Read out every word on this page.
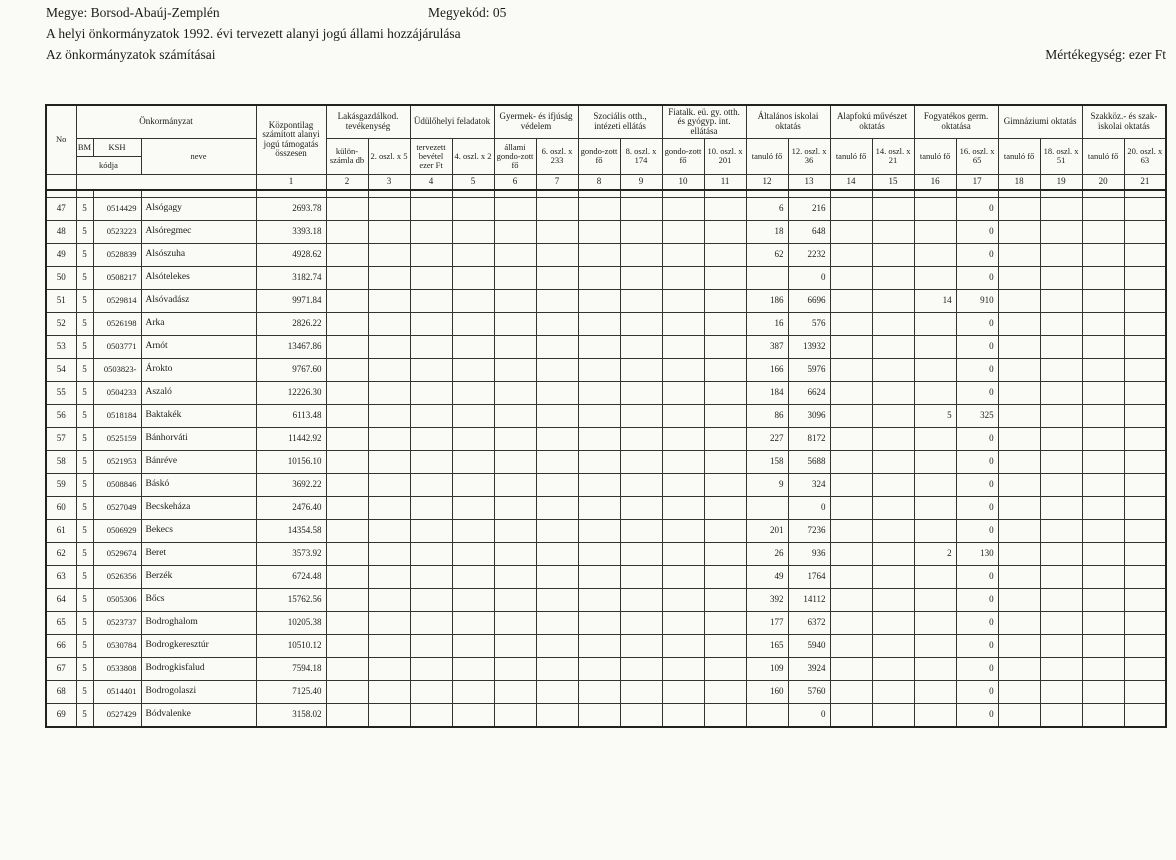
Megye: Borsod-Abaúj-Zemplén	Megyekód: 05
A helyi önkormányzatok 1992. évi tervezett alanyi jogú állami hozzájárulása
Az önkormányzatok számításai	Mértékegység: ezer Ft
No	Önkormányzat			Központilag számított alanyi jogú támogatás összesen	Lakásgazdálkod. tevékenység		Üdülőhelyi feladatok		Gyermek- és ifjúság védelem		Szociális otth., intézeti ellátás		Fiatalk. eü. gy. otth. és gyógyp. int. ellátása		Általános iskolai oktatás		Alapfokú művészet oktatás		Fogyatékos germ. oktatása		Gimnáziumi oktatás		Szakköz.- és szak-iskolai oktatás	
	BM	KSH	neve		külön-számla db	2. oszl. x 5	tervezett bevétel ezer Ft	4. oszl. x 2	állami gondo-zott fő	6. oszl. x 233	gondo-zott fő	8. oszl. x 174	gondo-zott fő	10. oszl. x 201	tanuló fő	12. oszl. x 36	tanuló fő	14. oszl. x 21	tanuló fő	16. oszl. x 65	tanuló fő	18. oszl. x 51	tanuló fő	20. oszl. x 63
	kódja																							
				1	2	3	4	5	6	7	8	9	10	11	12	13	14	15	16	17	18	19	20	21

47	5	0514429	Alsógagy	2693.78											6	216				0				
48	5	0523223	Alsóregmec	3393.18											18	648				0				
49	5	0528839	Alsószuha	4928.62											62	2232				0				
50	5	0508217	Alsótelekes	3182.74												0				0				
51	5	0529814	Alsóvadász	9971.84											186	6696			14	910				
52	5	0526198	Arka	2826.22											16	576				0				
53	5	0503771	Arnót	13467.86											387	13932				0				
54	5	0503823-	Árokto	9767.60											166	5976				0				
55	5	0504233	Aszaló	12226.30											184	6624				0				
56	5	0518184	Baktakék	6113.48											86	3096			5	325				
57	5	0525159	Bánhorváti	11442.92											227	8172				0				
58	5	0521953	Bánréve	10156.10											158	5688				0				
59	5	0508846	Báskó	3692.22											9	324				0				
60	5	0527049	Becskeháza	2476.40												0				0				
61	5	0506929	Bekecs	14354.58											201	7236				0				
62	5	0529674	Beret	3573.92											26	936			2	130				
63	5	0526356	Berzék	6724.48											49	1764				0				
64	5	0505306	Bőcs	15762.56											392	14112				0				
65	5	0523737	Bodroghalom	10205.38											177	6372				0				
66	5	0530784	Bodrogkeresztúr	10510.12											165	5940				0				
67	5	0533808	Bodrogkisfalud	7594.18											109	3924				0				
68	5	0514401	Bodrogolaszi	7125.40											160	5760				0				
69	5	0527429	Bódvalenke	3158.02												0				0				
